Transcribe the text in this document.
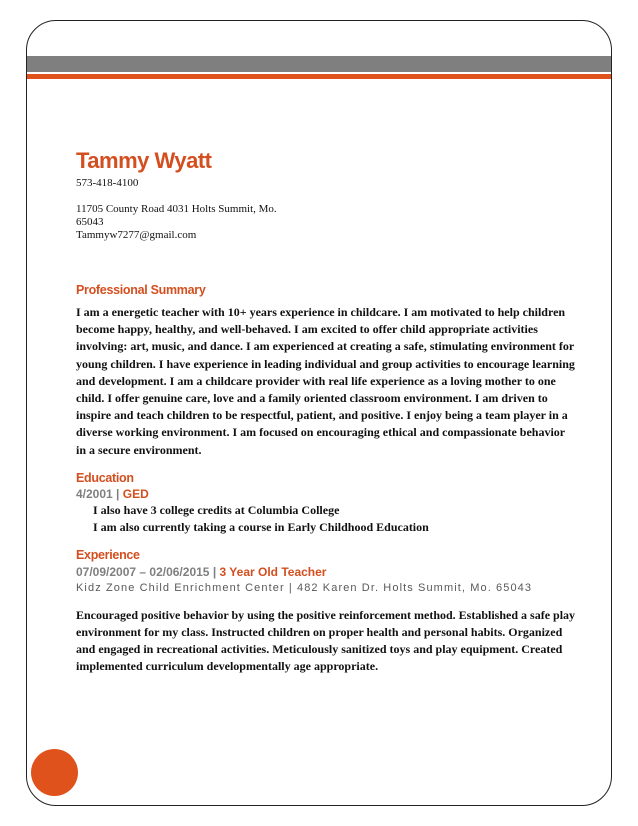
Tammy Wyatt
573-418-4100
11705 County Road 4031 Holts Summit, Mo.
65043
Tammyw7277@gmail.com
Professional Summary
I am a energetic teacher with 10+ years experience in childcare. I am motivated to help children become happy, healthy, and well-behaved. I am excited to offer child appropriate activities involving: art, music, and dance. I am experienced at creating a safe, stimulating environment for young children. I have experience in leading individual and group activities to encourage learning and development. I am a childcare provider with real life experience as a loving mother to one child. I offer genuine care, love and a family oriented classroom environment. I am driven to inspire and teach children to be respectful, patient, and positive. I enjoy being a team player in a diverse working environment. I am focused on encouraging ethical and compassionate behavior in a secure environment.
Education
4/2001 | GED
I also have 3 college credits at Columbia College
I am also currently taking a course in Early Childhood Education
Experience
07/09/2007 – 02/06/2015 | 3 Year Old Teacher
Kidz Zone Child Enrichment Center | 482 Karen Dr. Holts Summit, Mo. 65043
Encouraged positive behavior by using the positive reinforcement method. Established a safe play environment for my class. Instructed children on proper health and personal habits. Organized and engaged in recreational activities. Meticulously sanitized toys and play equipment. Created implemented curriculum developmentally age appropriate.
